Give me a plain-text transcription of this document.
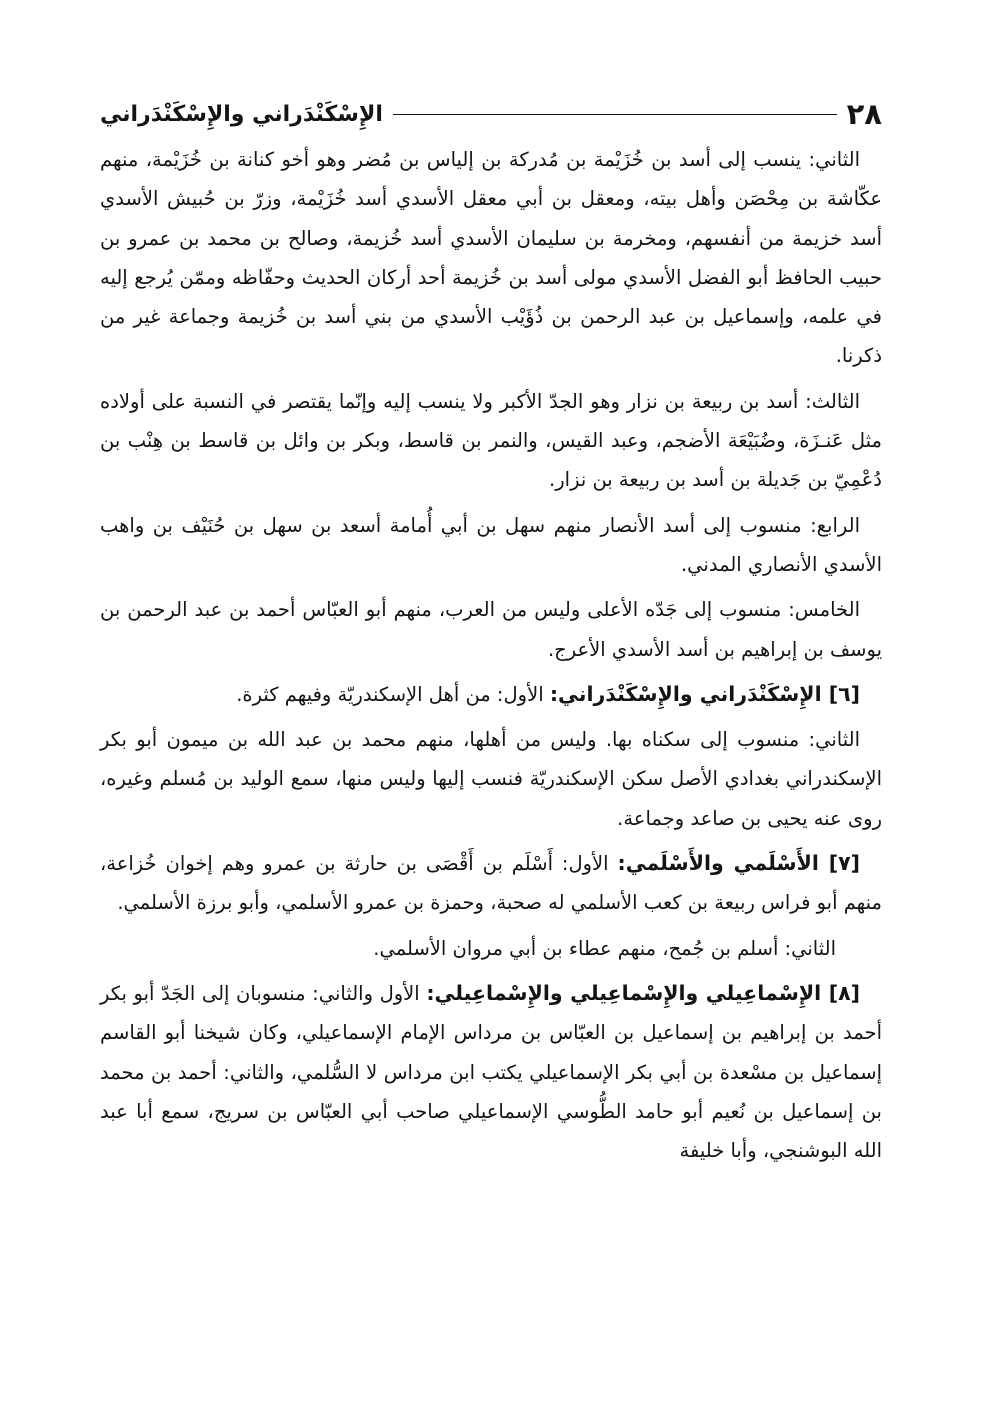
٢٨
الإِسْكَنْدَراني والإِسْكَنْدَراني

الثاني: ينسب إلى أسد بن خُزَيْمة بن مُدركة بن إلياس بن مُضر وهو أخو كنانة بن خُزَيْمة، منهم عكّاشة بن مِحْصَن وأهل بيته، ومعقل بن أبي معقل الأسدي أسد خُزَيْمة، وزرّ بن حُبيش الأسدي أسد خزيمة من أنفسهم، ومخرمة بن سليمان الأسدي أسد خُزيمة، وصالح بن محمد بن عمرو بن حبيب الحافظ أبو الفضل الأسدي مولى أسد بن خُزيمة أحد أركان الحديث وحفّاظه وممّن يُرجع إليه في علمه، وإسماعيل بن عبد الرحمن بن ذُؤَيْب الأسدي من بني أسد بن خُزيمة وجماعة غير من ذكرنا.

الثالث: أسد بن ربيعة بن نزار وهو الجدّ الأكبر ولا ينسب إليه وإنّما يقتصر في النسبة على أولاده مثل عَنـزَة، وضُبَيْعَة الأضجم، وعبد القيس، والنمر بن قاسط، وبكر بن وائل بن قاسط بن هِنْب بن دُعْمِيّ بن جَديلة بن أسد بن ربيعة بن نزار.

الرابع: منسوب إلى أسد الأنصار منهم سهل بن أبي أُمامة أسعد بن سهل بن حُنَيْف بن واهب الأسدي الأنصاري المدني.

الخامس: منسوب إلى جَدّه الأعلى وليس من العرب، منهم أبو العبّاس أحمد بن عبد الرحمن بن يوسف بن إبراهيم بن أسد الأسدي الأعرج.

[٦] الإِسْكَنْدَراني والإِسْكَنْدَراني: الأول: من أهل الإسكندريّة وفيهم كثرة.

الثاني: منسوب إلى سكناه بها. وليس من أهلها، منهم محمد بن عبد الله بن ميمون أبو بكر الإسكندراني بغدادي الأصل سكن الإسكندريّة فنسب إليها وليس منها، سمع الوليد بن مُسلم وغيره، روى عنه يحيى بن صاعد وجماعة.

[٧] الأَسْلَمي والأَسْلَمي: الأول: أَسْلَم بن أَقْصَى بن حارثة بن عمرو وهم إخوان خُزاعة، منهم أبو فراس ربيعة بن كعب الأسلمي له صحبة، وحمزة بن عمرو الأسلمي، وأبو برزة الأسلمي.

الثاني: أسلم بن جُمح، منهم عطاء بن أبي مروان الأسلمي.

[٨] الإِسْماعِيلي والإِسْماعِيلي والإِسْماعِيلي: الأول والثاني: منسوبان إلى الجَدّ أبو بكر أحمد بن إبراهيم بن إسماعيل بن العبّاس بن مرداس الإمام الإسماعيلي، وكان شيخنا أبو القاسم إسماعيل بن مسْعدة بن أبي بكر الإسماعيلي يكتب ابن مرداس لا السُّلمي، والثاني: أحمد بن محمد بن إسماعيل بن نُعيم أبو حامد الطُّوسي الإسماعيلي صاحب أبي العبّاس بن سريج، سمع أبا عبد الله البوشنجي، وأبا خليفة
